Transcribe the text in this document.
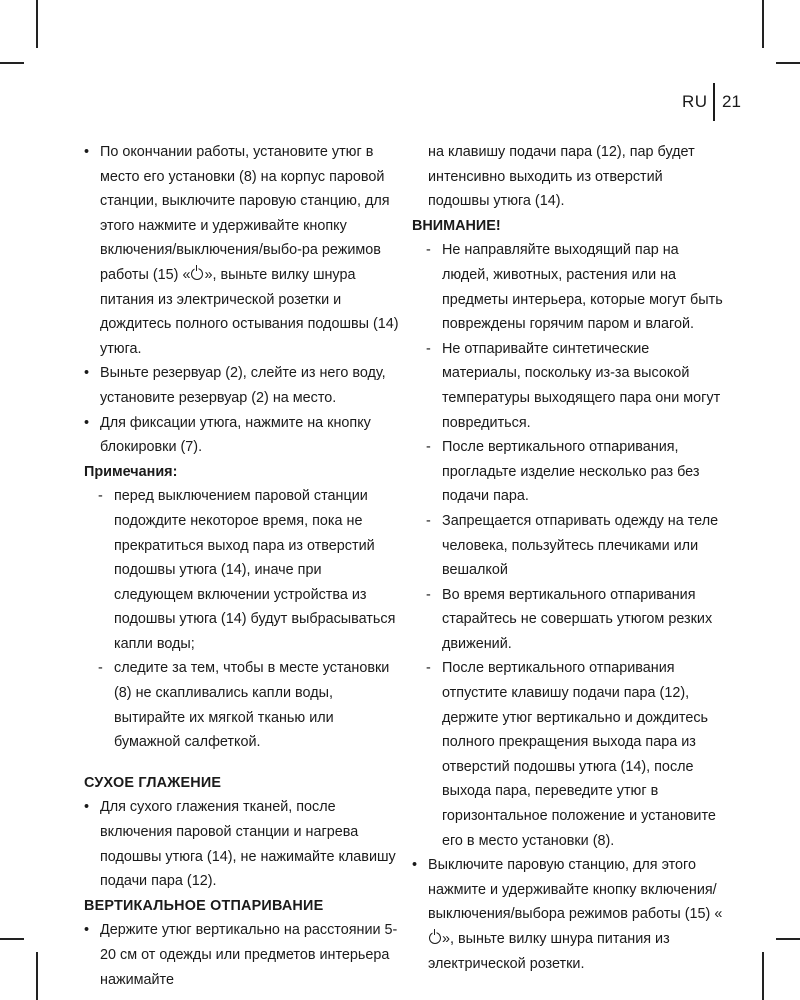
RU 21

• По окончании работы, установите утюг в место его установки (8) на корпус паровой станции, выключите паровую станцию, для этого нажмите и удерживайте кнопку включения/выключения/выбо-ра режимов работы (15) « », выньте вилку шнура питания из электрической розетки и дождитесь полного остывания подошвы (14) утюга.

• Выньте резервуар (2), слейте из него воду, установите резервуар (2) на место.

• Для фиксации утюга, нажмите на кнопку блокировки (7).

Примечания:

- перед выключением паровой станции подождите некоторое время, пока не прекратиться выход пара из отверстий подошвы утюга (14), иначе при следующем включении устройства из подошвы утюга (14) будут выбрасываться капли воды;

- следите за тем, чтобы в месте установки (8) не скапливались капли воды, вытирайте их мягкой тканью или бумажной салфеткой.

СУХОЕ ГЛАЖЕНИЕ

• Для сухого глажения тканей, после включения паровой станции и нагрева подошвы утюга (14), не нажимайте клавишу подачи пара (12).

ВЕРТИКАЛЬНОЕ ОТПАРИВАНИЕ

• Держите утюг вертикально на расстоянии 5-20 см от одежды или предметов интерьера нажимайте

на клавишу подачи пара (12), пар будет интенсивно выходить из отверстий подошвы утюга (14).

ВНИМАНИЕ!

- Не направляйте выходящий пар на людей, животных, растения или на предметы интерьера, которые могут быть повреждены горячим паром и влагой.

- Не отпаривайте синтетические материалы, поскольку из-за высокой температуры выходящего пара они могут повредиться.

- После вертикального отпаривания, прогладьте изделие несколько раз без подачи пара.

- Запрещается отпаривать одежду на теле человека, пользуйтесь плечиками или вешалкой

- Во время вертикального отпаривания старайтесь не совершать утюгом резких движений.

- После вертикального отпаривания отпустите клавишу подачи пара (12), держите утюг вертикально и дождитесь полного прекращения выхода пара из отверстий подошвы утюга (14), после выхода пара, переведите утюг в горизонтальное положение и установите его в место установки (8).

• Выключите паровую станцию, для этого нажмите и удерживайте кнопку включения/выключения/выбора режимов работы (15) «», выньте вилку шнура питания из электрической розетки.
